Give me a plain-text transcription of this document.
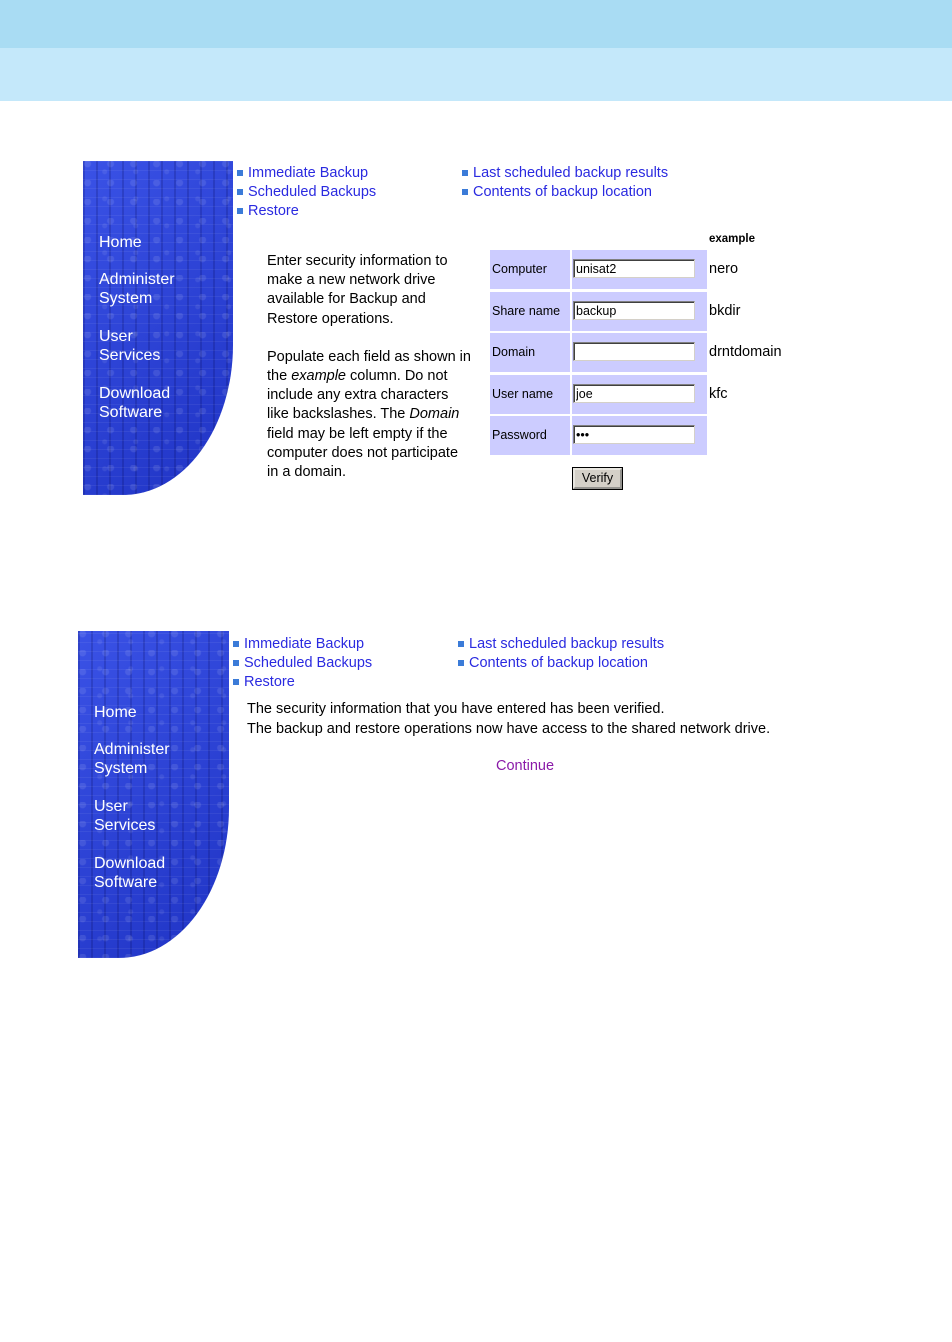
Home
Administer
System
User
Services
Download
Software
Immediate Backup
Scheduled Backups
Restore
Last scheduled backup results
Contents of backup location

Enter security information to make a new network drive available for Backup and Restore operations.

Populate each field as shown in the example column. Do not include any extra characters like backslashes. The Domain field may be left empty if the computer does not participate in a domain.

example
Computer
unisat2
Share name
backup
Domain
User name
joe
Password
nero
bkdir
drntdomain
kfc
Verify
Home
Administer
System
User
Services
Download
Software
Immediate Backup
Scheduled Backups
Restore
Last scheduled backup results
Contents of backup location
The security information that you have entered has been verified.
The backup and restore operations now have access to the shared network drive.
Continue
